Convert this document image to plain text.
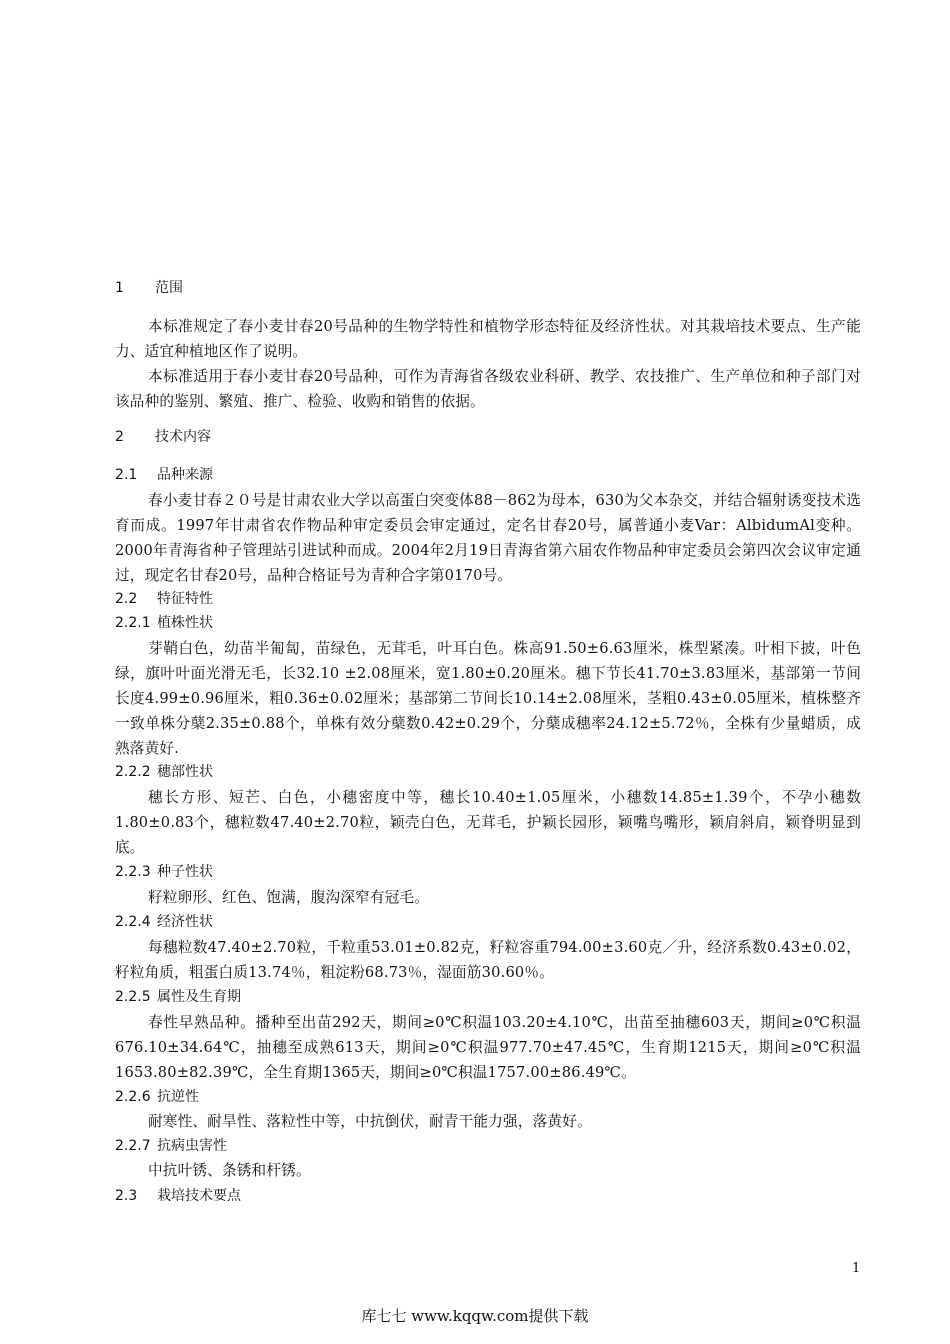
1 范围
本标准规定了春小麦甘春20号品种的生物学特性和植物学形态特征及经济性状。对其栽培技术要点、生产能力、适宜种植地区作了说明。
本标准适用于春小麦甘春20号品种，可作为青海省各级农业科研、教学、农技推广、生产单位和种子部门对该品种的鉴别、繁殖、推广、检验、收购和销售的依据。
2 技术内容
2.1 品种来源
春小麦甘春２０号是甘肃农业大学以高蛋白突变体88－862为母本，630为父本杂交，并结合辐射诱变技术选育而成。1997年甘肃省农作物品种审定委员会审定通过，定名甘春20号，属普通小麦Var：AlbidumAl变种。2000年青海省种子管理站引进试种而成。2004年2月19日青海省第六届农作物品种审定委员会第四次会议审定通过，现定名甘春20号，品种合格证号为青种合字第0170号。
2.2 特征特性
2.2.1 植株性状
芽鞘白色，幼苗半匍匐，苗绿色，无茸毛，叶耳白色。株高91.50±6.63厘米，株型紧凑。叶相下披，叶色绿，旗叶叶面光滑无毛，长32.10 ±2.08厘米，宽1.80±0.20厘米。穗下节长41.70±3.83厘米，基部第一节间长度4.99±0.96厘米，粗0.36±0.02厘米；基部第二节间长10.14±2.08厘米，茎粗0.43±0.05厘米，植株整齐一致单株分蘖2.35±0.88个，单株有效分蘖数0.42±0.29个，分蘖成穗率24.12±5.72％，全株有少量蜡质，成熟落黄好.
2.2.2 穗部性状
穗长方形、短芒、白色，小穗密度中等，穗长10.40±1.05厘米，小穗数14.85±1.39个，不孕小穗数1.80±0.83个，穗粒数47.40±2.70粒，颖壳白色，无茸毛，护颖长园形，颖嘴鸟嘴形，颖肩斜肩，颖脊明显到底。
2.2.3 种子性状
籽粒卵形、红色、饱满，腹沟深窄有冠毛。
2.2.4 经济性状
每穗粒数47.40±2.70粒，千粒重53.01±0.82克，籽粒容重794.00±3.60克／升，经济系数0.43±0.02，籽粒角质，粗蛋白质13.74％，粗淀粉68.73％，湿面筋30.60％。
2.2.5 属性及生育期
春性早熟品种。播种至出苗292天，期间≥0℃积温103.20±4.10℃，出苗至抽穗603天，期间≥0℃积温676.10±34.64℃，抽穗至成熟613天，期间≥0℃积温977.70±47.45℃，生育期1215天，期间≥0℃积温1653.80±82.39℃，全生育期1365天，期间≥0℃积温1757.00±86.49℃。
2.2.6 抗逆性
耐寒性、耐旱性、落粒性中等，中抗倒伏，耐青干能力强，落黄好。
2.2.7 抗病虫害性
中抗叶锈、条锈和杆锈。
2.3 栽培技术要点
1
库七七 www.kqqw.com提供下载
